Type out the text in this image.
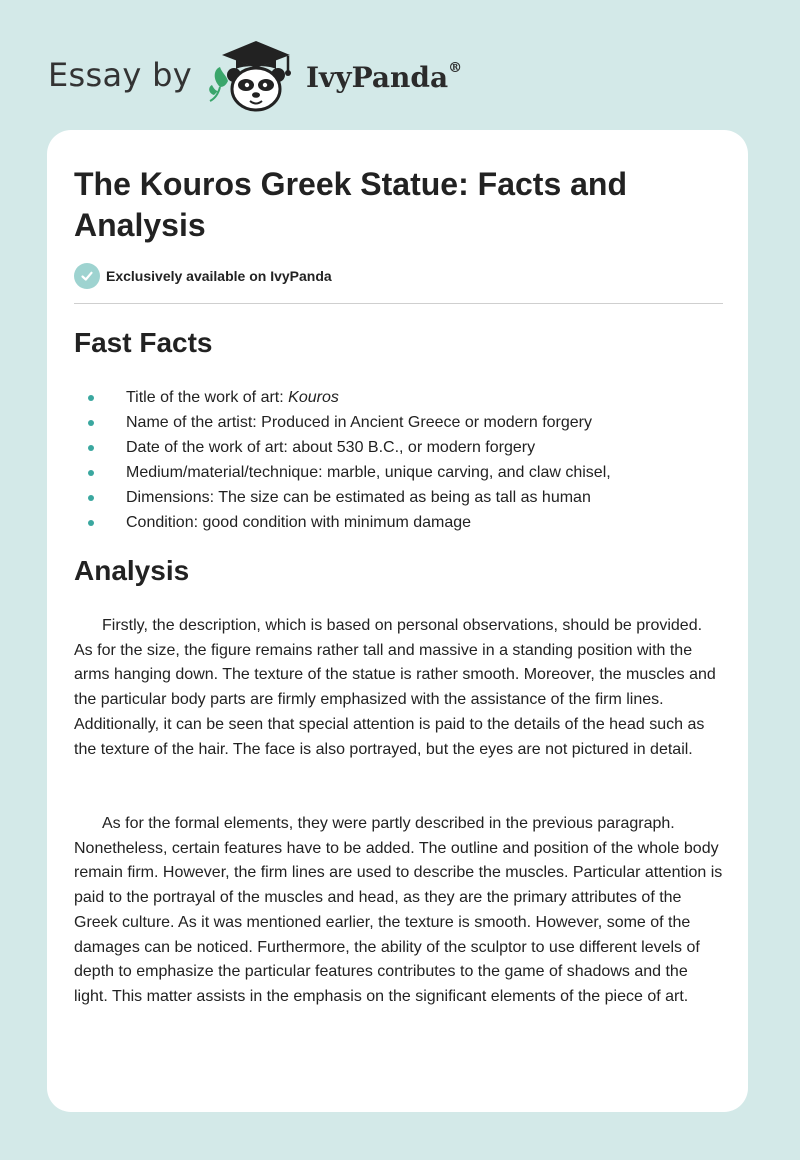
Essay by	IvyPanda®
The Kouros Greek Statue: Facts and Analysis
Exclusively available on IvyPanda
Fast Facts
Title of the work of art: Kouros
Name of the artist: Produced in Ancient Greece or modern forgery
Date of the work of art: about 530 B.C., or modern forgery
Medium/material/technique: marble, unique carving, and claw chisel,
Dimensions: The size can be estimated as being as tall as human
Condition: good condition with minimum damage
Analysis

Firstly, the description, which is based on personal observations, should be provided. As for the size, the figure remains rather tall and massive in a standing position with the arms hanging down. The texture of the statue is rather smooth. Moreover, the muscles and the particular body parts are firmly emphasized with the assistance of the firm lines. Additionally, it can be seen that special attention is paid to the details of the head such as the texture of the hair. The face is also portrayed, but the eyes are not pictured in detail.

As for the formal elements, they were partly described in the previous paragraph. Nonetheless, certain features have to be added. The outline and position of the whole body remain firm. However, the firm lines are used to describe the muscles. Particular attention is paid to the portrayal of the muscles and head, as they are the primary attributes of the Greek culture. As it was mentioned earlier, the texture is smooth. However, some of the damages can be noticed. Furthermore, the ability of the sculptor to use different levels of depth to emphasize the particular features contributes to the game of shadows and the light. This matter assists in the emphasis on the significant elements of the piece of art.
